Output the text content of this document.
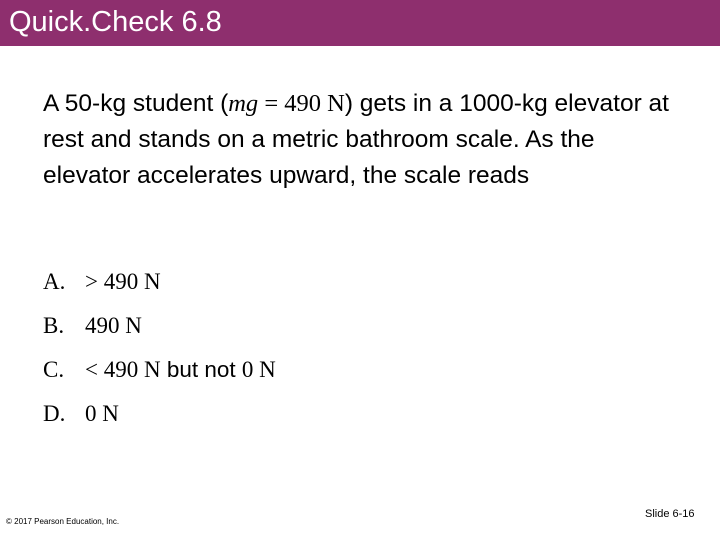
Quick.Check 6.8
A 50-kg student (mg = 490 N) gets in a 1000-kg elevator at rest and stands on a metric bathroom scale. As the elevator accelerates upward, the scale reads
A. > 490 N
B. 490 N
C. < 490 N but not 0 N
D. 0 N
© 2017 Pearson Education, Inc.
Slide 6-16
